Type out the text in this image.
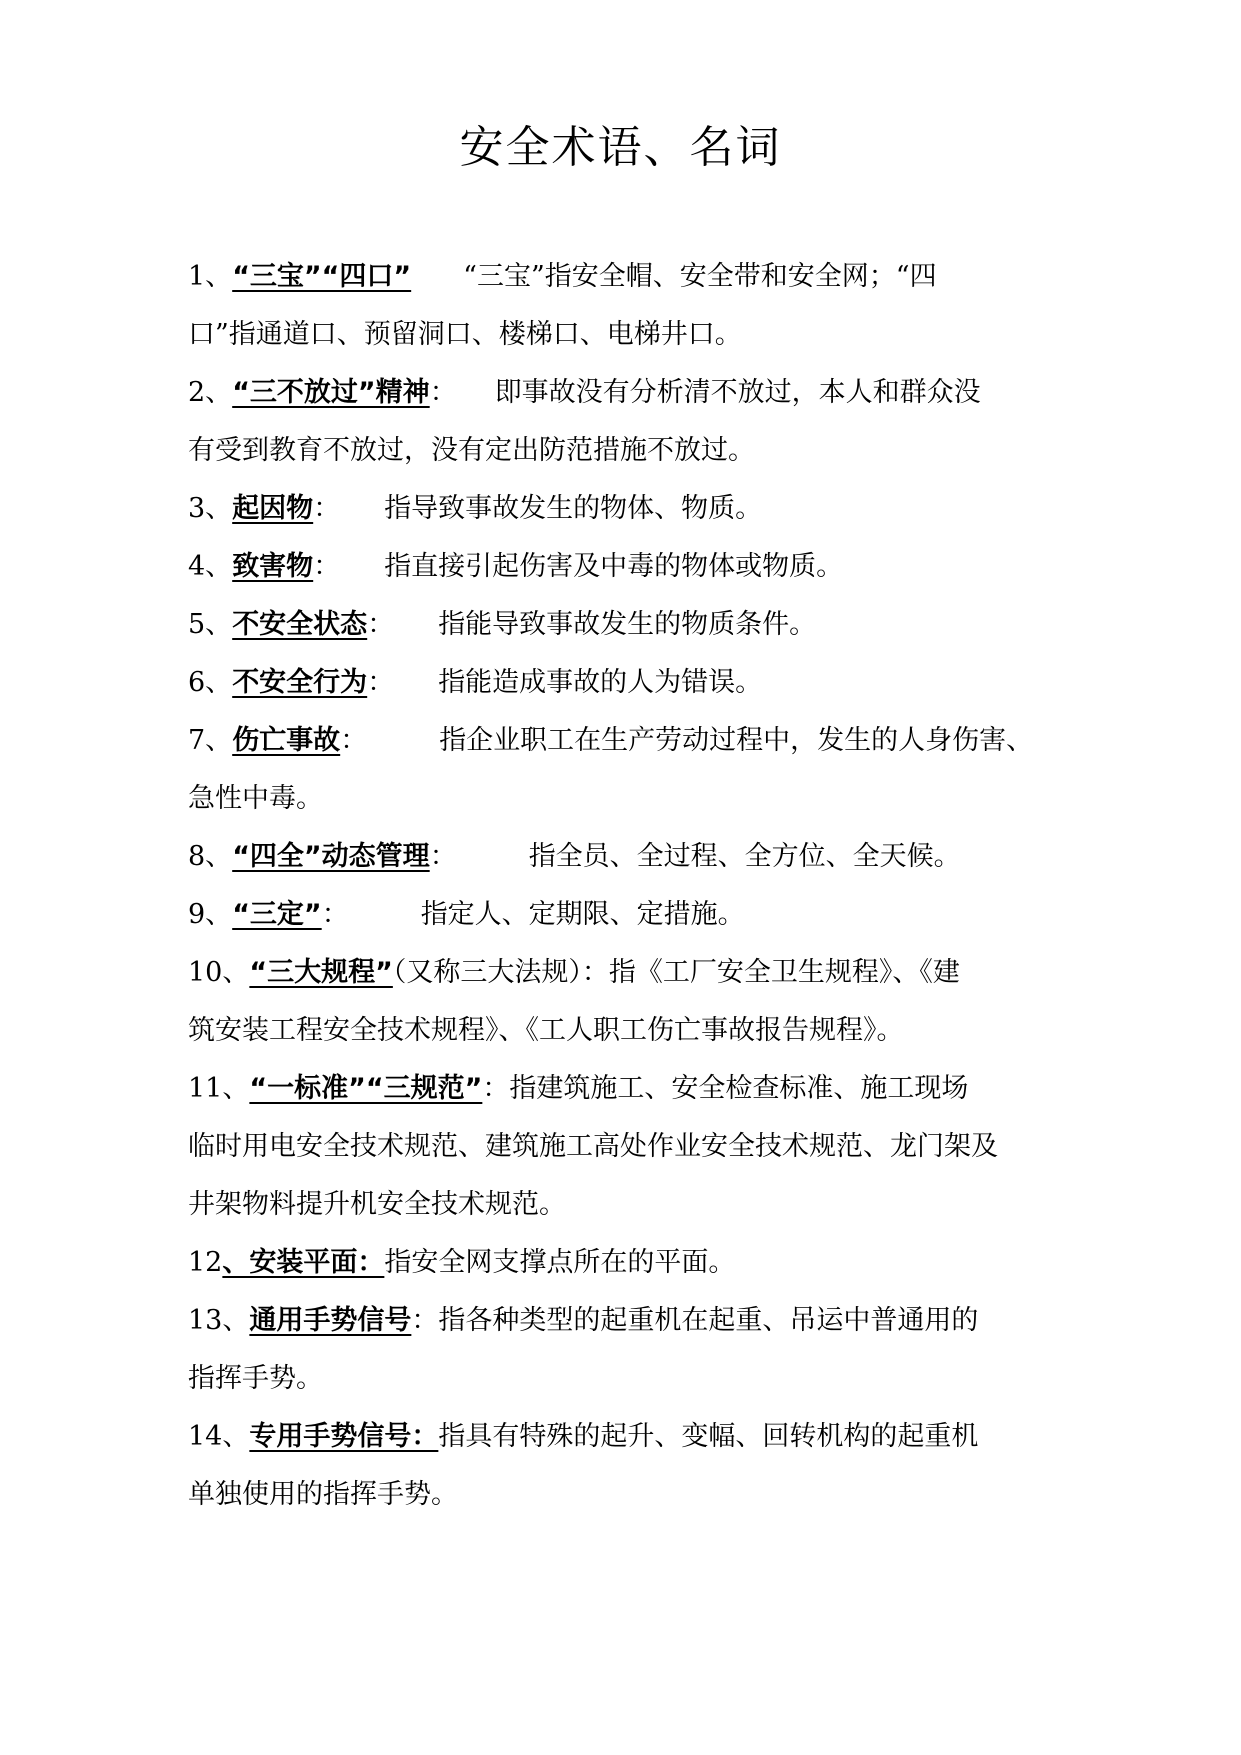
安全术语、名词
1、“三宝”“四口” “三宝”指安全帽、安全带和安全网；“四
口”指通道口、预留洞口、楼梯口、电梯井口。
2、“三不放过”精神： 即事故没有分析清不放过，本人和群众没
有受到教育不放过，没有定出防范措施不放过。
3、起因物： 指导致事故发生的物体、物质。
4、致害物： 指直接引起伤害及中毒的物体或物质。
5、不安全状态： 指能导致事故发生的物质条件。
6、不安全行为： 指能造成事故的人为错误。
7、伤亡事故：	指企业职工在生产劳动过程中，发生的人身伤害、
急性中毒。
8、“四全”动态管理：	指全员、全过程、全方位、全天候。
9、“三定”：	指定人、定期限、定措施。
10、“三大规程”（又称三大法规）：指《工厂安全卫生规程》、《建
筑安装工程安全技术规程》、《工人职工伤亡事故报告规程》。
11、“一标准”“三规范”：指建筑施工、安全检查标准、施工现场
临时用电安全技术规范、建筑施工高处作业安全技术规范、龙门架及
井架物料提升机安全技术规范。
12、安装平面：指安全网支撑点所在的平面。
13、通用手势信号：指各种类型的起重机在起重、吊运中普通用的
指挥手势。
14、专用手势信号：指具有特殊的起升、变幅、回转机构的起重机
单独使用的指挥手势。
